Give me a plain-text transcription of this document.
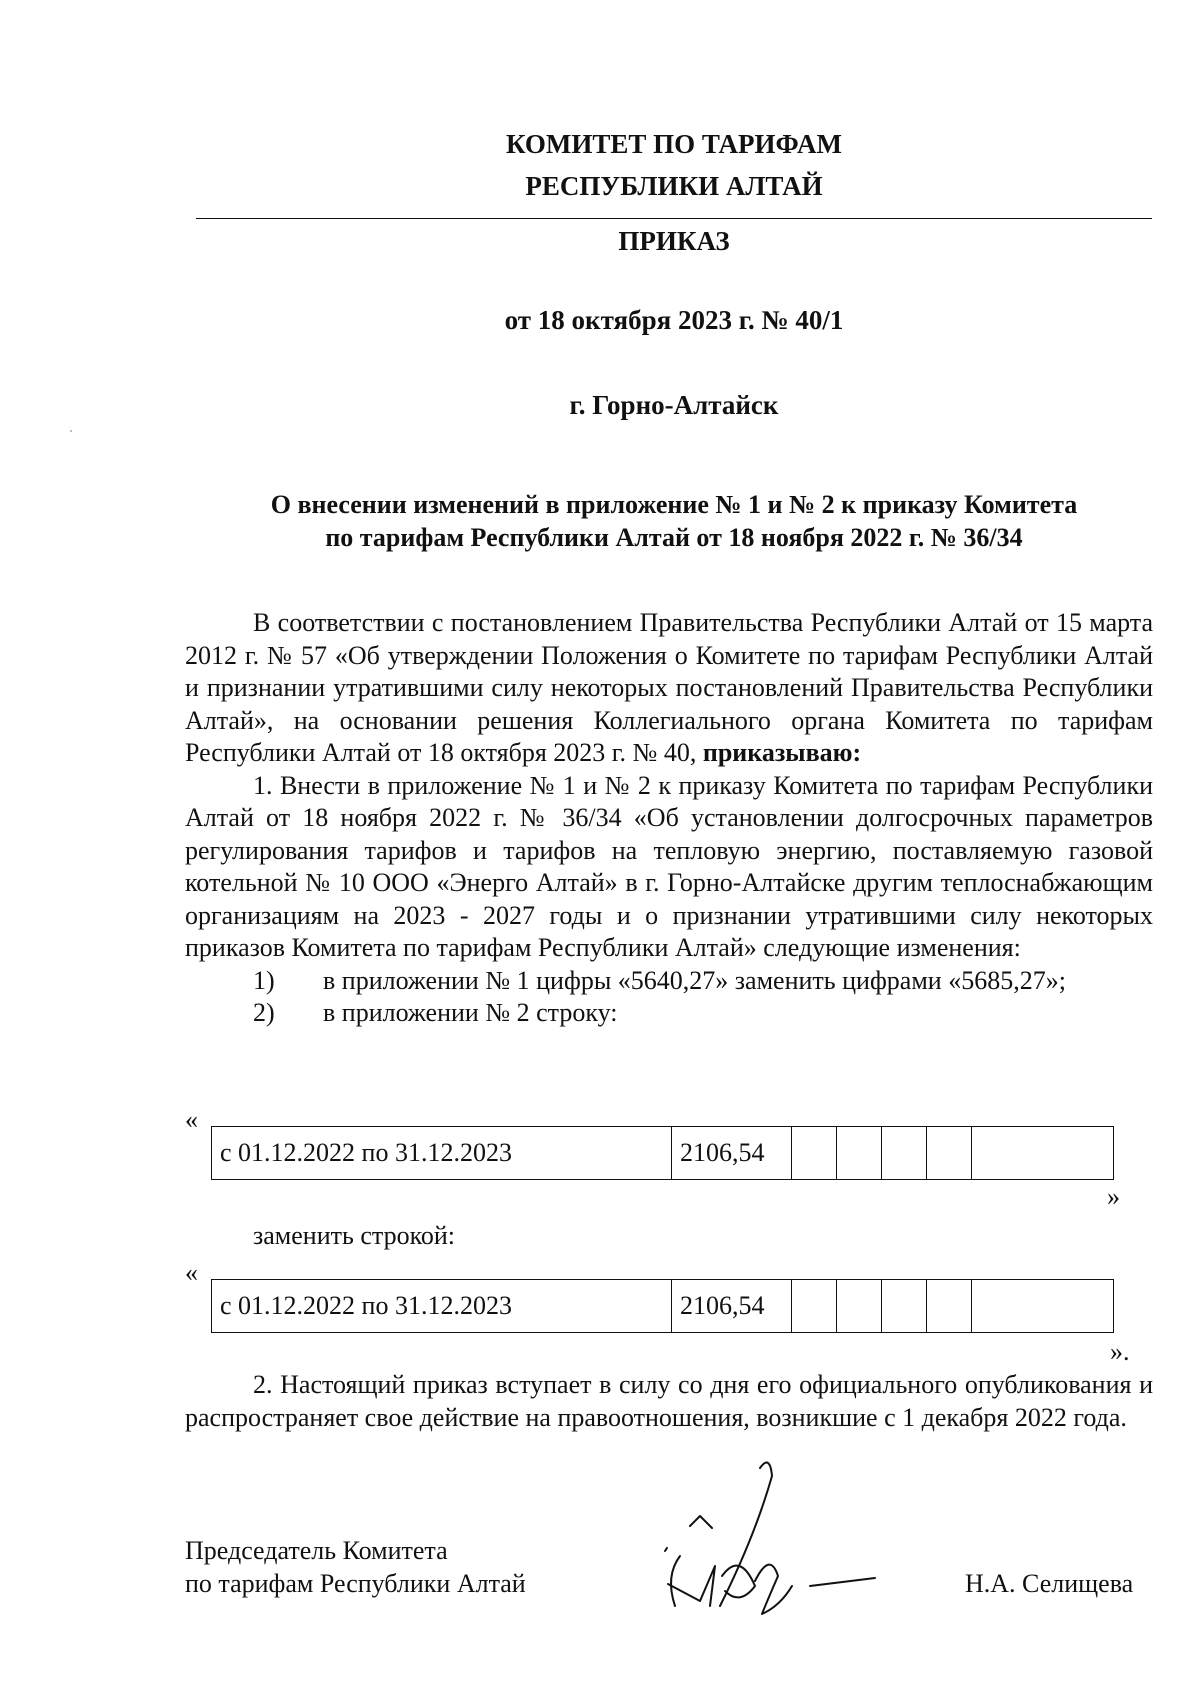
КОМИТЕТ ПО ТАРИФАМ
РЕСПУБЛИКИ АЛТАЙ
ПРИКАЗ
от 18 октября 2023 г. № 40/1
г. Горно-Алтайск
О внесении изменений в приложение № 1 и № 2 к приказу Комитета
по тарифам Республики Алтай от 18 ноября 2022 г. № 36/34

В соответствии с постановлением Правительства Республики Алтай от 15 марта 2012 г. № 57 «Об утверждении Положения о Комитете по тарифам Республики Алтай и признании утратившими силу некоторых постановлений Правительства Республики Алтай», на основании решения Коллегиального органа Комитета по тарифам Республики Алтай от 18 октября 2023 г. № 40, приказываю:

1. Внести в приложение № 1 и № 2 к приказу Комитета по тарифам Республики Алтай от 18 ноября 2022 г. № 36/34 «Об установлении долгосрочных параметров регулирования тарифов и тарифов на тепловую энергию, поставляемую газовой котельной № 10 ООО «Энерго Алтай» в г. Горно-Алтайске другим теплоснабжающим организациям на 2023 - 2027 годы и о признании утратившими силу некоторых приказов Комитета по тарифам Республики Алтай» следующие изменения:

1) в приложении № 1 цифры «5640,27» заменить цифрами «5685,27»;

2) в приложении № 2 строку:

«
с 01.12.2022 по 31.12.2023	2106,54					
»
заменить строкой:
«
с 01.12.2022 по 31.12.2023	2106,54					
».

2. Настоящий приказ вступает в силу со дня его официального опубликования и распространяет свое действие на правоотношения, возникшие с 1 декабря 2022 года.

Председатель Комитета
по тарифам Республики Алтай	Н.А. Селищева
